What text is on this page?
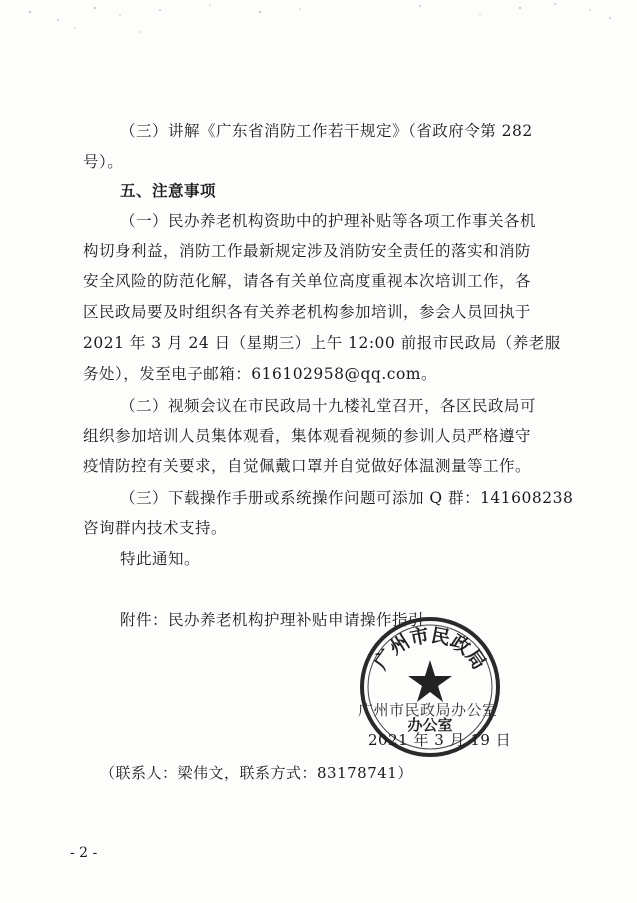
（三）讲解《广东省消防工作若干规定》（省政府令第 282
号）。
五、注意事项
（一）民办养老机构资助中的护理补贴等各项工作事关各机
构切身利益，消防工作最新规定涉及消防安全责任的落实和消防
安全风险的防范化解，请各有关单位高度重视本次培训工作，各
区民政局要及时组织各有关养老机构参加培训，参会人员回执于
2021 年 3 月 24 日（星期三）上午 12:00 前报市民政局（养老服
务处），发至电子邮箱：616102958@qq.com。
（二）视频会议在市民政局十九楼礼堂召开，各区民政局可
组织参加培训人员集体观看，集体观看视频的参训人员严格遵守
疫情防控有关要求，自觉佩戴口罩并自觉做好体温测量等工作。
（三）下载操作手册或系统操作问题可添加 Q 群：141608238
咨询群内技术支持。
特此通知。
附件：民办养老机构护理补贴申请操作指引
广州市民政局
办公室
广州市民政局办公室
2021 年 3 月 19 日
（联系人：梁伟文，联系方式：83178741）
- 2 -
